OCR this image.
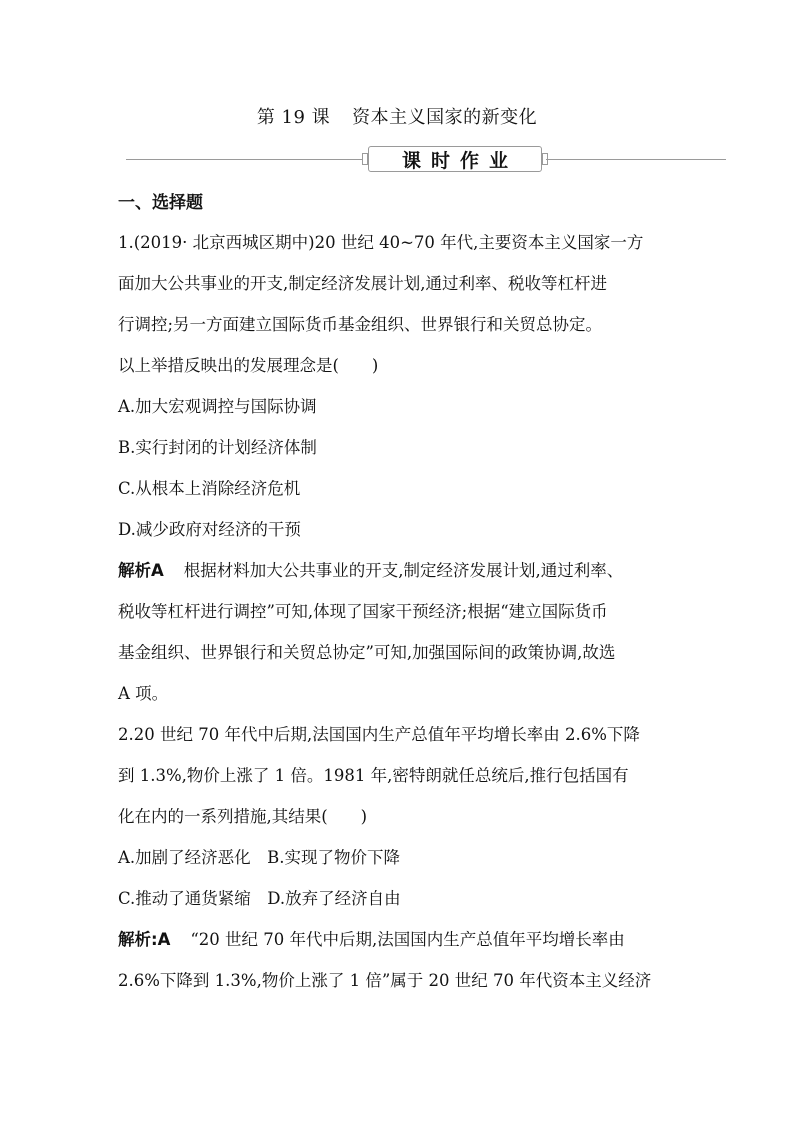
第 19 课 资本主义国家的新变化
课时作业
一、选择题
1.(2019· 北京西城区期中)20 世纪 40~70 年代,主要资本主义国家一方
面加大公共事业的开支,制定经济发展计划,通过利率、税收等杠杆进
行调控;另一方面建立国际货币基金组织、世界银行和关贸总协定。
以上举措反映出的发展理念是(　　)
A.加大宏观调控与国际协调
B.实行封闭的计划经济体制
C.从根本上消除经济危机
D.减少政府对经济的干预
解析A 根据材料加大公共事业的开支,制定经济发展计划,通过利率、
税收等杠杆进行调控”可知,体现了国家干预经济;根据“建立国际货币
基金组织、世界银行和关贸总协定”可知,加强国际间的政策协调,故选
A 项。
2.20 世纪 70 年代中后期,法国国内生产总值年平均增长率由 2.6%下降
到 1.3%,物价上涨了 1 倍。1981 年,密特朗就任总统后,推行包括国有
化在内的一系列措施,其结果(　　)
A.加剧了经济恶化　B.实现了物价下降
C.推动了通货紧缩　D.放弃了经济自由
解析:A “20 世纪 70 年代中后期,法国国内生产总值年平均增长率由
2.6%下降到 1.3%,物价上涨了 1 倍”属于 20 世纪 70 年代资本主义经济
